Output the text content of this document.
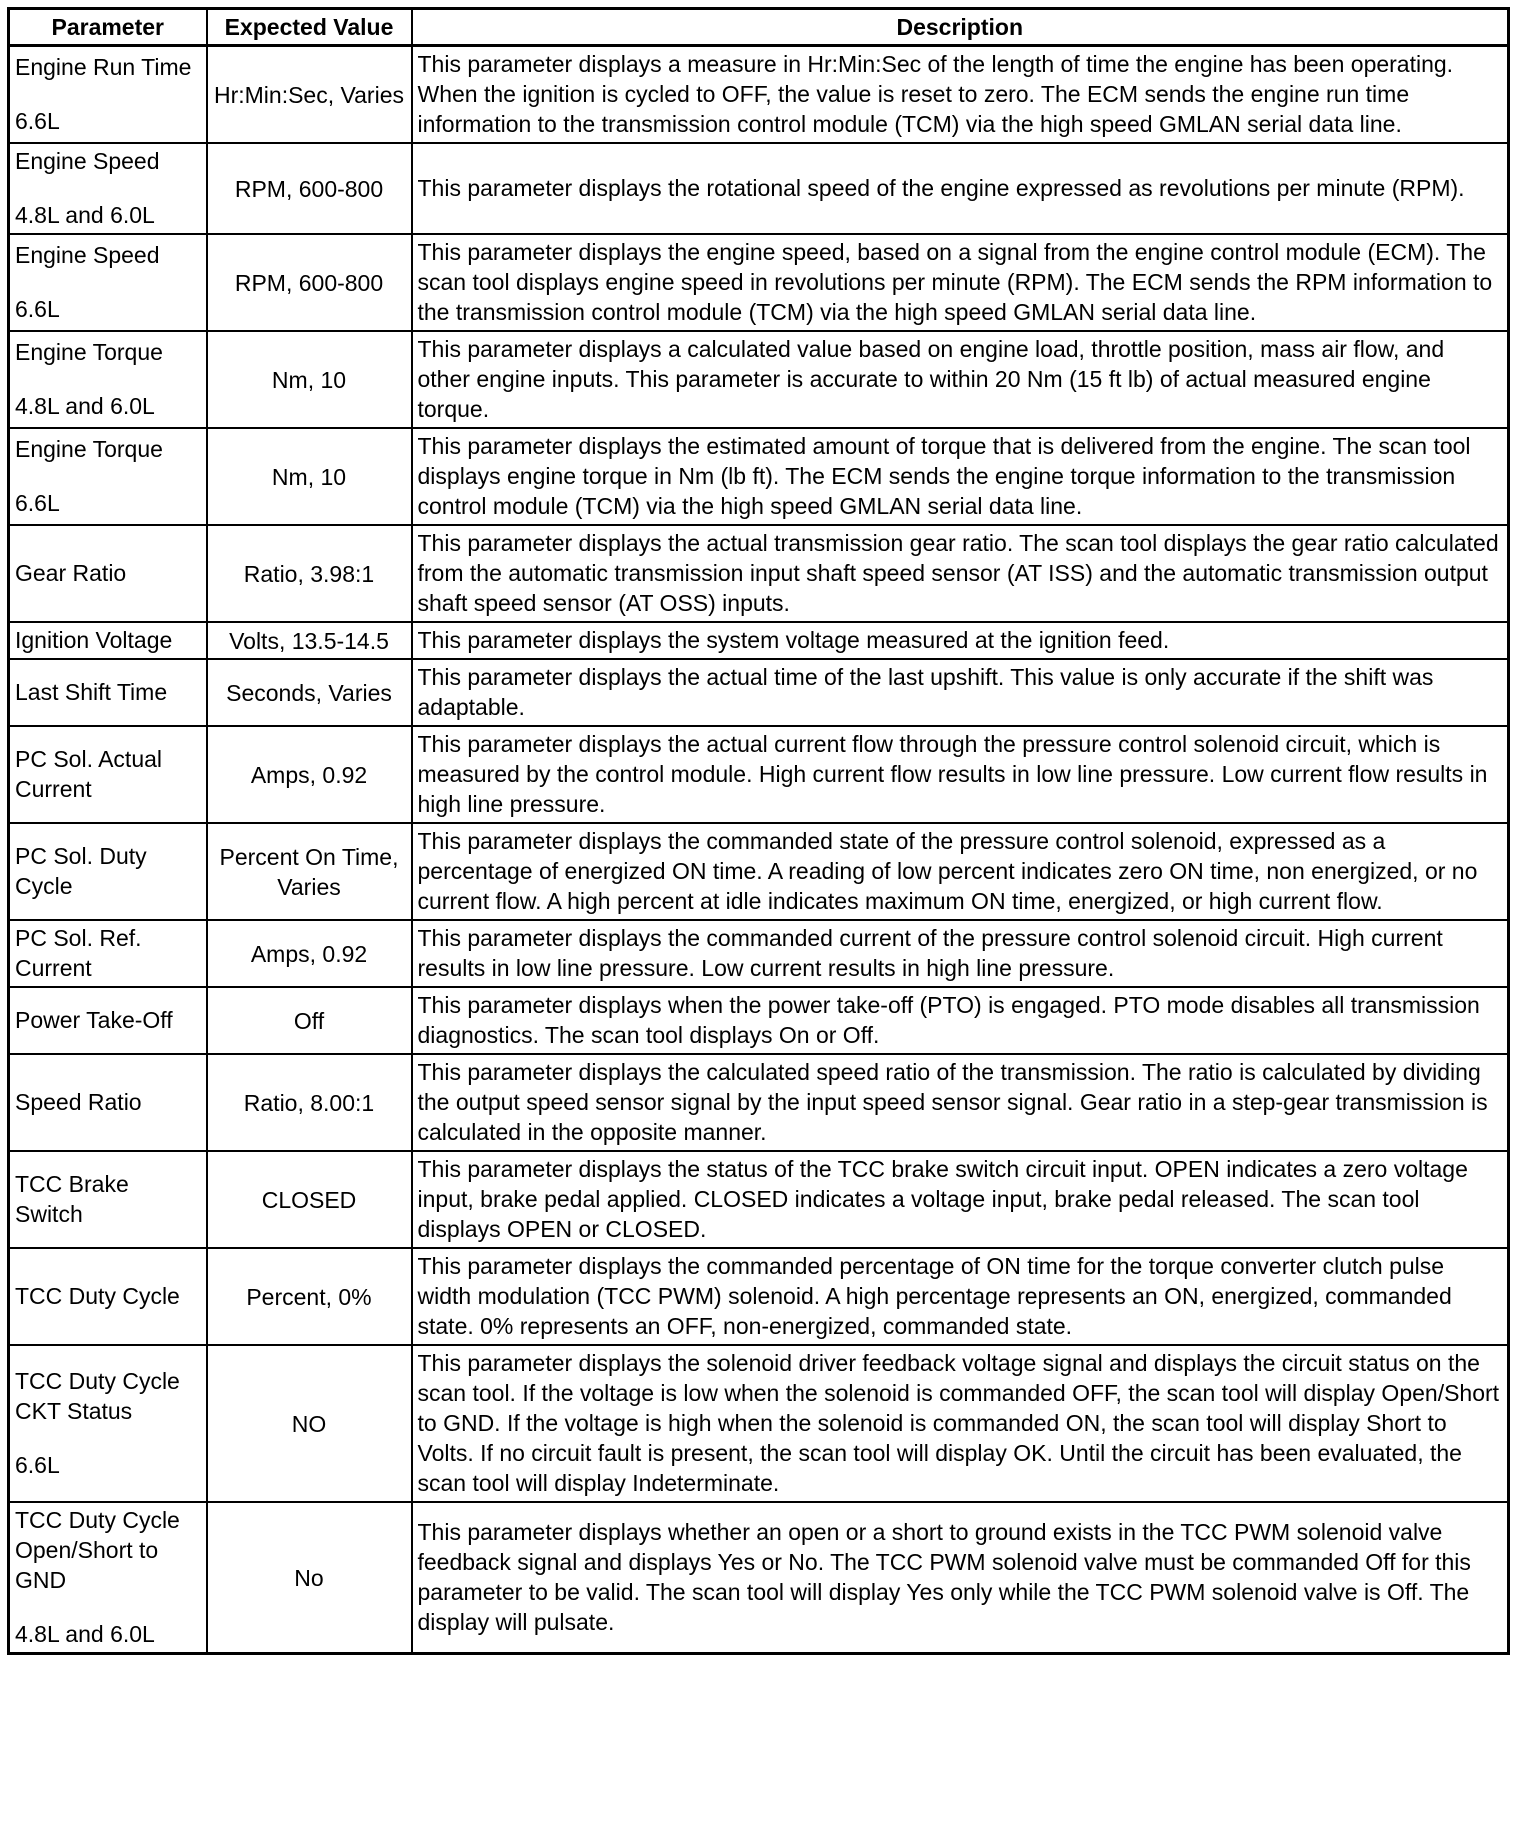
Parameter	Expected Value	Description

Engine Run Time
6.6L	Hr:Min:Sec, Varies	This parameter displays a measure in Hr:Min:Sec of the length of time the engine has been operating. When the ignition is cycled to OFF, the value is reset to zero. The ECM sends the engine run time information to the transmission control module (TCM) via the high speed GMLAN serial data line.

Engine Speed
4.8L and 6.0L	RPM, 600-800	This parameter displays the rotational speed of the engine expressed as revolutions per minute (RPM).

Engine Speed
6.6L	RPM, 600-800	This parameter displays the engine speed, based on a signal from the engine control module (ECM). The scan tool displays engine speed in revolutions per minute (RPM). The ECM sends the RPM information to the transmission control module (TCM) via the high speed GMLAN serial data line.

Engine Torque
4.8L and 6.0L	Nm, 10	This parameter displays a calculated value based on engine load, throttle position, mass air flow, and other engine inputs. This parameter is accurate to within 20 Nm (15 ft lb) of actual measured engine torque.

Engine Torque
6.6L	Nm, 10	This parameter displays the estimated amount of torque that is delivered from the engine. The scan tool displays engine torque in Nm (lb ft). The ECM sends the engine torque information to the transmission control module (TCM) via the high speed GMLAN serial data line.

Gear Ratio	Ratio, 3.98:1	This parameter displays the actual transmission gear ratio. The scan tool displays the gear ratio calculated from the automatic transmission input shaft speed sensor (AT ISS) and the automatic transmission output shaft speed sensor (AT OSS) inputs.

Ignition Voltage	Volts, 13.5-14.5	This parameter displays the system voltage measured at the ignition feed.

Last Shift Time	Seconds, Varies	This parameter displays the actual time of the last upshift. This value is only accurate if the shift was adaptable.

PC Sol. Actual Current	Amps, 0.92	This parameter displays the actual current flow through the pressure control solenoid circuit, which is measured by the control module. High current flow results in low line pressure. Low current flow results in high line pressure.

PC Sol. Duty Cycle	Percent On Time, Varies	This parameter displays the commanded state of the pressure control solenoid, expressed as a percentage of energized ON time. A reading of low percent indicates zero ON time, non energized, or no current flow. A high percent at idle indicates maximum ON time, energized, or high current flow.

PC Sol. Ref. Current	Amps, 0.92	This parameter displays the commanded current of the pressure control solenoid circuit. High current results in low line pressure. Low current results in high line pressure.

Power Take-Off	Off	This parameter displays when the power take-off (PTO) is engaged. PTO mode disables all transmission diagnostics. The scan tool displays On or Off.

Speed Ratio	Ratio, 8.00:1	This parameter displays the calculated speed ratio of the transmission. The ratio is calculated by dividing the output speed sensor signal by the input speed sensor signal. Gear ratio in a step-gear transmission is calculated in the opposite manner.

TCC Brake Switch	CLOSED	This parameter displays the status of the TCC brake switch circuit input. OPEN indicates a zero voltage input, brake pedal applied. CLOSED indicates a voltage input, brake pedal released. The scan tool displays OPEN or CLOSED.

TCC Duty Cycle	Percent, 0%	This parameter displays the commanded percentage of ON time for the torque converter clutch pulse width modulation (TCC PWM) solenoid. A high percentage represents an ON, energized, commanded state. 0% represents an OFF, non-energized, commanded state.

TCC Duty Cycle CKT Status
6.6L	NO	This parameter displays the solenoid driver feedback voltage signal and displays the circuit status on the scan tool. If the voltage is low when the solenoid is commanded OFF, the scan tool will display Open/Short to GND. If the voltage is high when the solenoid is commanded ON, the scan tool will display Short to Volts. If no circuit fault is present, the scan tool will display OK. Until the circuit has been evaluated, the scan tool will display Indeterminate.

TCC Duty Cycle Open/Short to GND
4.8L and 6.0L	No	This parameter displays whether an open or a short to ground exists in the TCC PWM solenoid valve feedback signal and displays Yes or No. The TCC PWM solenoid valve must be commanded Off for this parameter to be valid. The scan tool will display Yes only while the TCC PWM solenoid valve is Off. The display will pulsate.
